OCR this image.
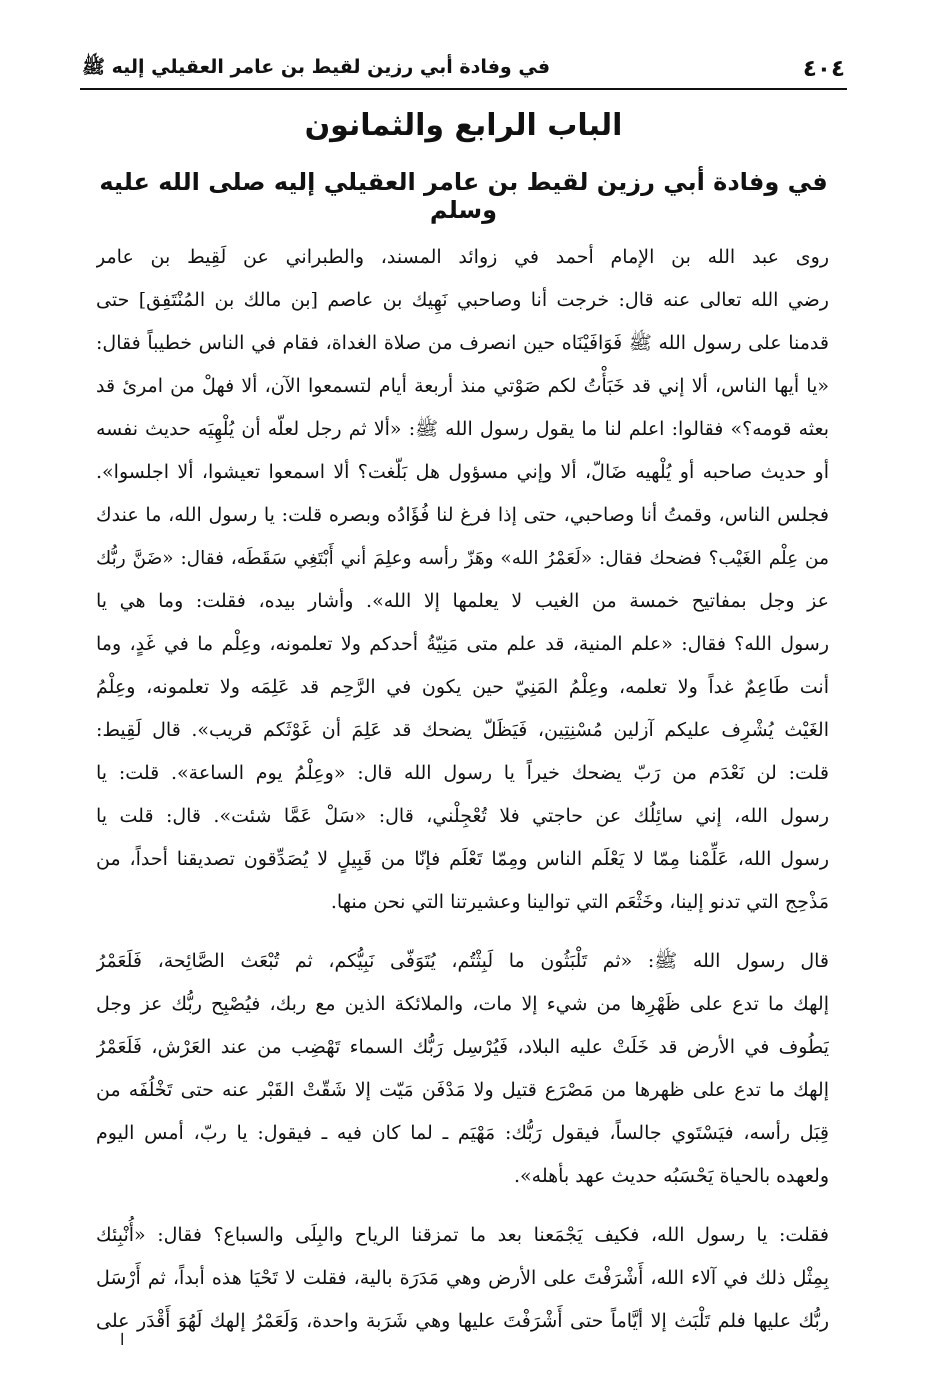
٤٠٤
في وفادة أبي رزين لقيط بن عامر العقيلي إليه ﷺ
الباب الرابع والثمانون
في وفادة أبي رزين لقيط بن عامر العقيلي إليه صلى الله عليه وسلم
روى عبد الله بن الإمام أحمد في زوائد المسند، والطبراني عن لَقِيط بن عامر
رضي الله تعالى عنه قال: خرجت أنا وصاحبي نَهِيك بن عاصم [بن مالك بن المُنْتَفِق] حتى
قدمنا على رسول الله ﷺ فَوَافَيْنَاه حين انصرف من صلاة الغداة، فقام في الناس خطيباً فقال:
«يا أيها الناس، ألا إني قد خَبَأْتُ لكم صَوْتي منذ أربعة أيام لتسمعوا الآن، ألا فهلْ من امرئ قد
بعثه قومه؟» فقالوا: اعلم لنا ما يقول رسول الله ﷺ: «ألا ثم رجل لعلّه أن يُلْهِيَه حديث نفسه
أو حديث صاحبه أو يُلْهيه ضَالّ، ألا وإني مسؤول هل بَلّغت؟ ألا اسمعوا تعيشوا، ألا اجلسوا».
فجلس الناس، وقمتُ أنا وصاحبي، حتى إذا فرغ لنا فُؤَادُه وبصره قلت: يا رسول الله، ما عندك
من عِلْم الغَيْب؟ فضحك فقال: «لَعَمْرُ الله» وهَزّ رأسه وعلِمَ أني أَبْتَغِي سَقَطَه، فقال: «ضَنَّ ربُّك
عز وجل بمفاتيح خمسة من الغيب لا يعلمها إلا الله». وأشار بيده، فقلت: وما هي يا
رسول الله؟ فقال: «علم المنية، قد علم متى مَنِيّةُ أحدكم ولا تعلمونه، وعِلْم ما في غَدٍ، وما
أنت طَاعِمٌ غداً ولا تعلمه، وعِلْمُ المَنِيّ حين يكون في الرَّحِم قد عَلِمَه ولا تعلمونه، وعِلْمُ
الغَيْث يُشْرِف عليكم آزلين مُسْنِتِين، فَيَظَلّ يضحك قد عَلِمَ أن غَوْثَكم قريب». قال لَقِيط:
قلت: لن نَعْدَم من رَبّ يضحك خيراً يا رسول الله قال: «وعِلْمُ يوم الساعة». قلت: يا
رسول الله، إني سائِلُك عن حاجتي فلا تُعْجِلْني، قال: «سَلْ عَمَّا شئت». قال: قلت يا
رسول الله، عَلِّمْنا مِمّا لا يَعْلَم الناس ومِمّا تَعْلَم فإنّا من قَبِيلٍ لا يُصَدِّقون تصديقنا أحداً، من
مَذْحِج التي تدنو إلينا، وخَثْعَم التي توالينا وعشيرتنا التي نحن منها.
قال رسول الله ﷺ: «ثم تَلْبَثُون ما لَبِثْتُم، يُتَوَفّى نَبِيُّكم، ثم تُبْعَث الصَّائِحة، فَلَعَمْرُ
إلهك ما تدع على ظَهْرِها من شيء إلا مات، والملائكة الذين مع ربك، فيُصْبِح ربُّك عز وجل
يَطُوف في الأرض قد خَلَتْ عليه البلاد، فَيُرْسِل رَبُّك السماء تَهْضِب من عند العَرْش، فَلَعَمْرُ
إلهك ما تدع على ظهرها من مَصْرَع قتيل ولا مَدْفَن مَيّت إلا شَقّتْ القَبْر عنه حتى تَخْلُفَه من
قِبَل رأسه، فيَسْتَوي جالساً، فيقول رَبُّك: مَهْيَم ـ لما كان فيه ـ فيقول: يا ربّ، أمس اليوم
ولعهده بالحياة يَحْسَبُه حديث عهد بأهله».
فقلت: يا رسول الله، فكيف يَجْمَعنا بعد ما تمزقنا الرياح والبِلَى والسباع؟ فقال: «أُنْبِئك
بِمِثْل ذلك في آلاء الله، أَشْرَفْتَ على الأرض وهي مَدَرَة بالية، فقلت لا تَحْيَا هذه أبداً، ثم أَرْسَل
ربُّك عليها فلم تَلْبَث إلا أيَّاماً حتى أَشْرَفْتَ عليها وهي شَرَبة واحدة، وَلَعَمْرُ إلهك لَهُوَ أَقْدَر على
ا
